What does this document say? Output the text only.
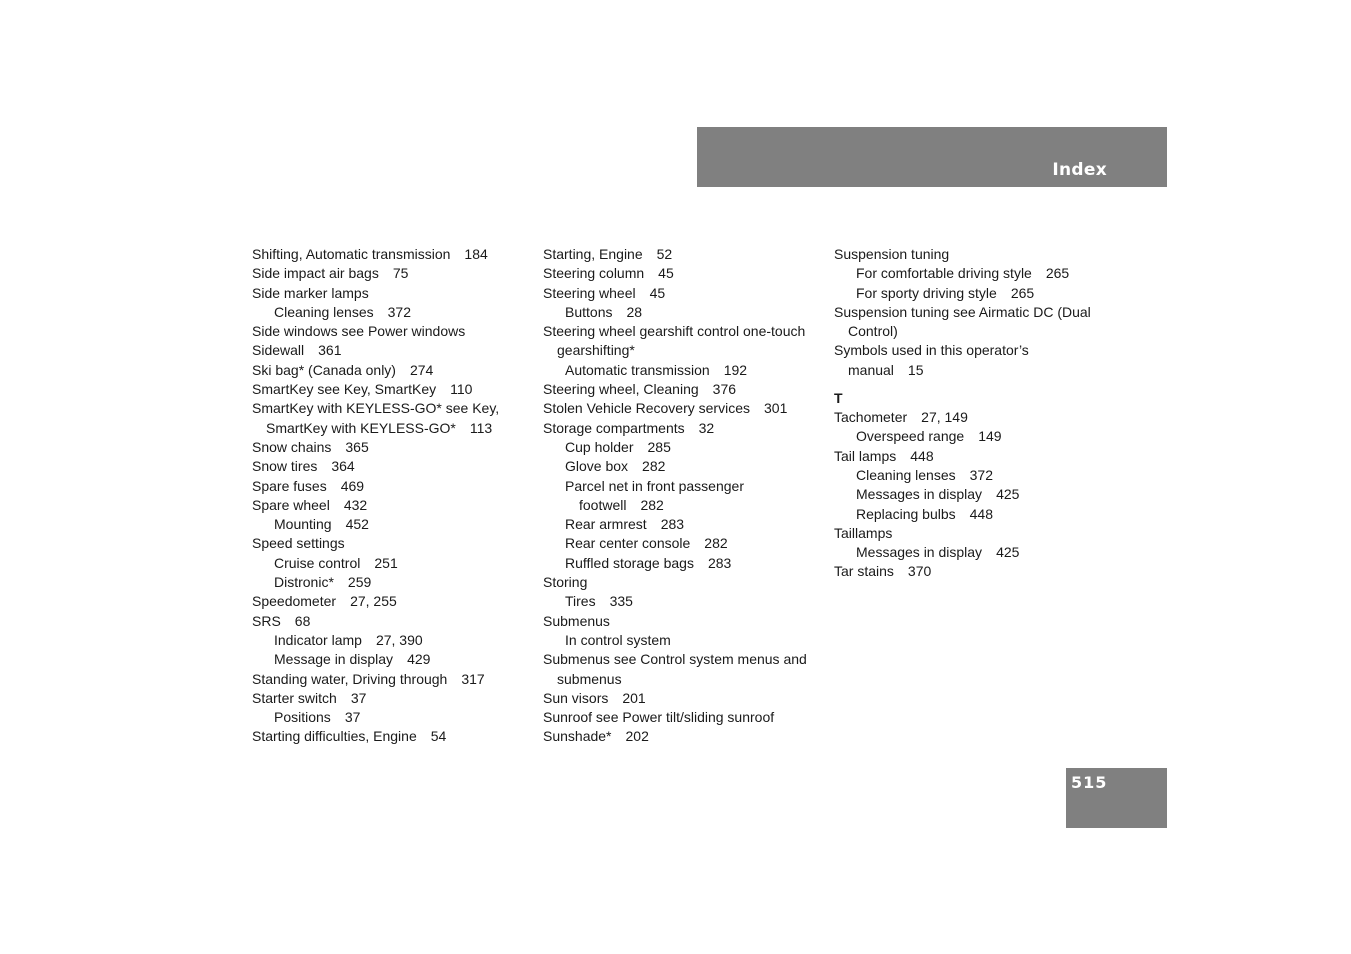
Index
Shifting, Automatic transmission 184
Side impact air bags 75
Side marker lamps
Cleaning lenses 372
Side windows see Power windows
Sidewall 361
Ski bag* (Canada only) 274
SmartKey see Key, SmartKey 110
SmartKey with KEYLESS-GO* see Key,
SmartKey with KEYLESS-GO* 113
Snow chains 365
Snow tires 364
Spare fuses 469
Spare wheel 432
Mounting 452
Speed settings
Cruise control 251
Distronic* 259
Speedometer 27, 255
SRS 68
Indicator lamp 27, 390
Message in display 429
Standing water, Driving through 317
Starter switch 37
Positions 37
Starting difficulties, Engine 54
Starting, Engine 52
Steering column 45
Steering wheel 45
Buttons 28
Steering wheel gearshift control one-touch
gearshifting*
Automatic transmission 192
Steering wheel, Cleaning 376
Stolen Vehicle Recovery services 301
Storage compartments 32
Cup holder 285
Glove box 282
Parcel net in front passenger
footwell 282
Rear armrest 283
Rear center console 282
Ruffled storage bags 283
Storing
Tires 335
Submenus
In control system
Submenus see Control system menus and
submenus
Sun visors 201
Sunroof see Power tilt/sliding sunroof
Sunshade* 202
Suspension tuning
For comfortable driving style 265
For sporty driving style 265
Suspension tuning see Airmatic DC (Dual
Control)
Symbols used in this operator’s
manual 15
T
Tachometer 27, 149
Overspeed range 149
Tail lamps 448
Cleaning lenses 372
Messages in display 425
Replacing bulbs 448
Taillamps
Messages in display 425
Tar stains 370
515
